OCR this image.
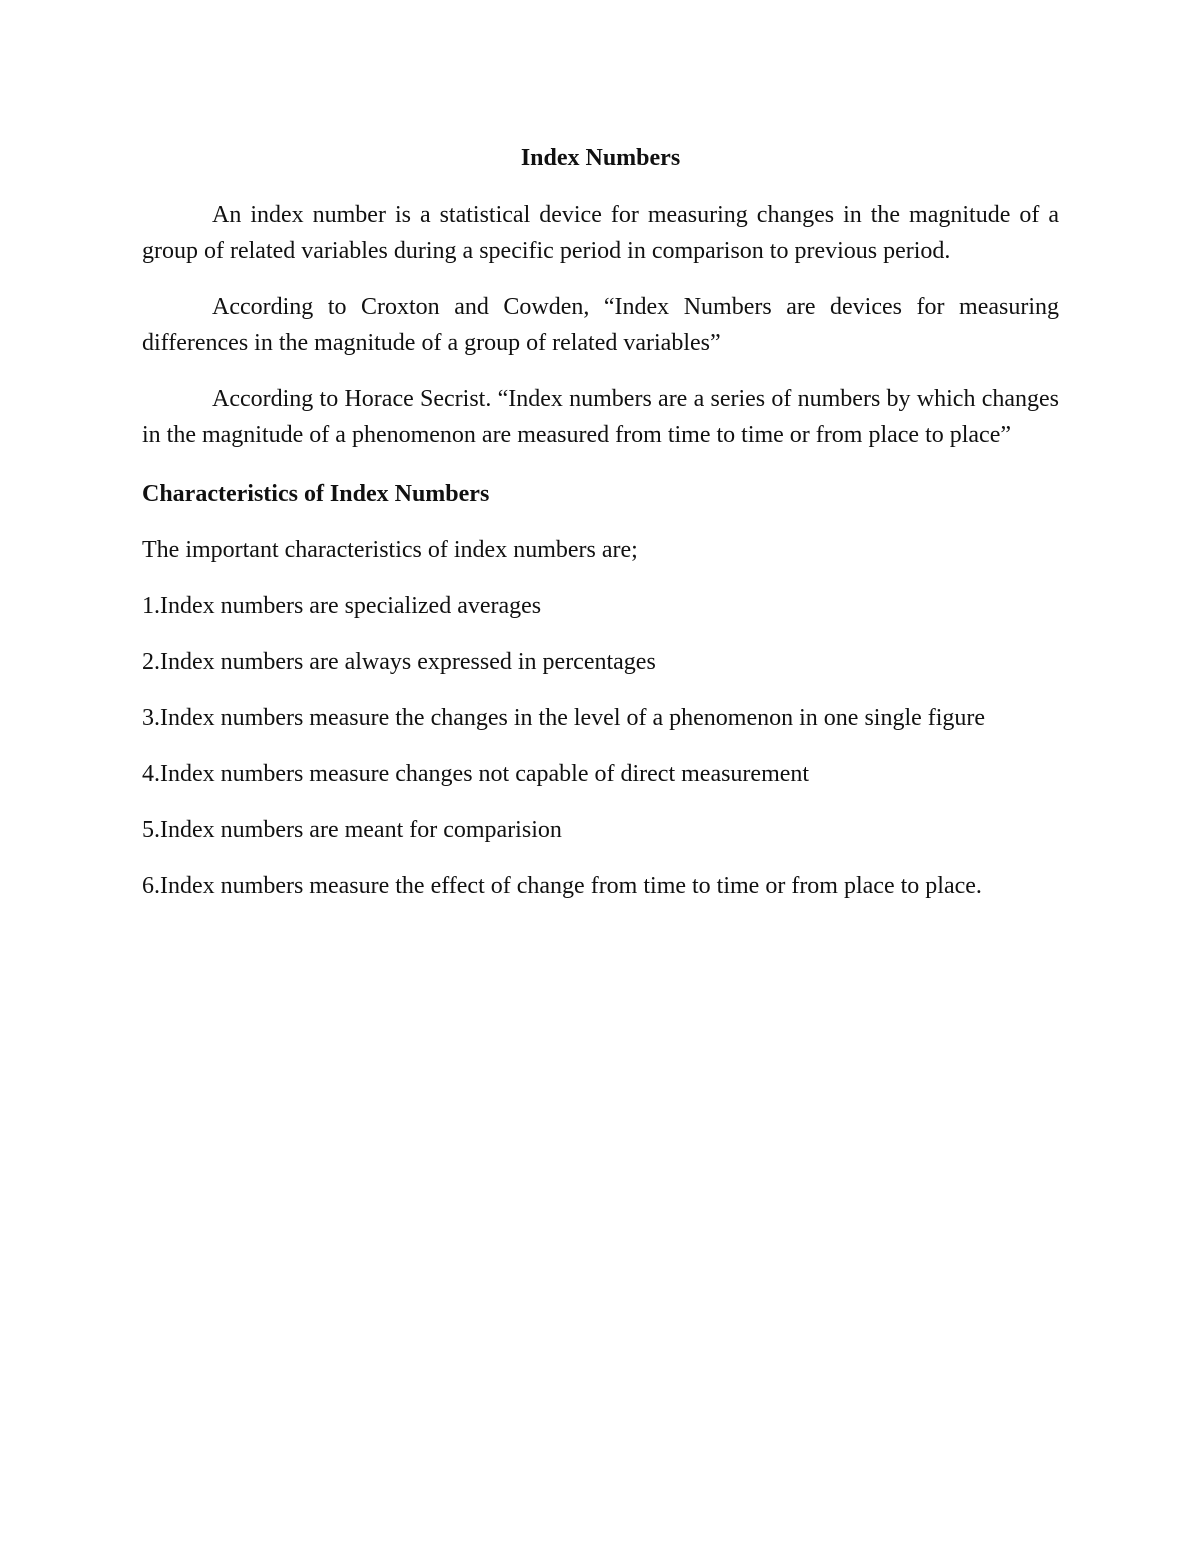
Index Numbers

An index number is a statistical device for measuring changes in the magnitude of a group of related variables during a specific period in comparison to previous period.

According to Croxton and Cowden, “Index Numbers are devices for measuring differences in the magnitude of a group of related variables”

According to Horace Secrist. “Index numbers are a series of numbers by which changes in the magnitude of a phenomenon are measured from time to time or from place to place”

Characteristics of Index Numbers

The important characteristics of index numbers are;

1.Index numbers are specialized averages
2.Index numbers are always expressed in percentages
3.Index numbers measure the changes in the level of a phenomenon in one single figure
4.Index numbers measure changes not capable of direct measurement
5.Index numbers are meant for comparision
6.Index numbers measure the effect of change from time to time or from place to place.
